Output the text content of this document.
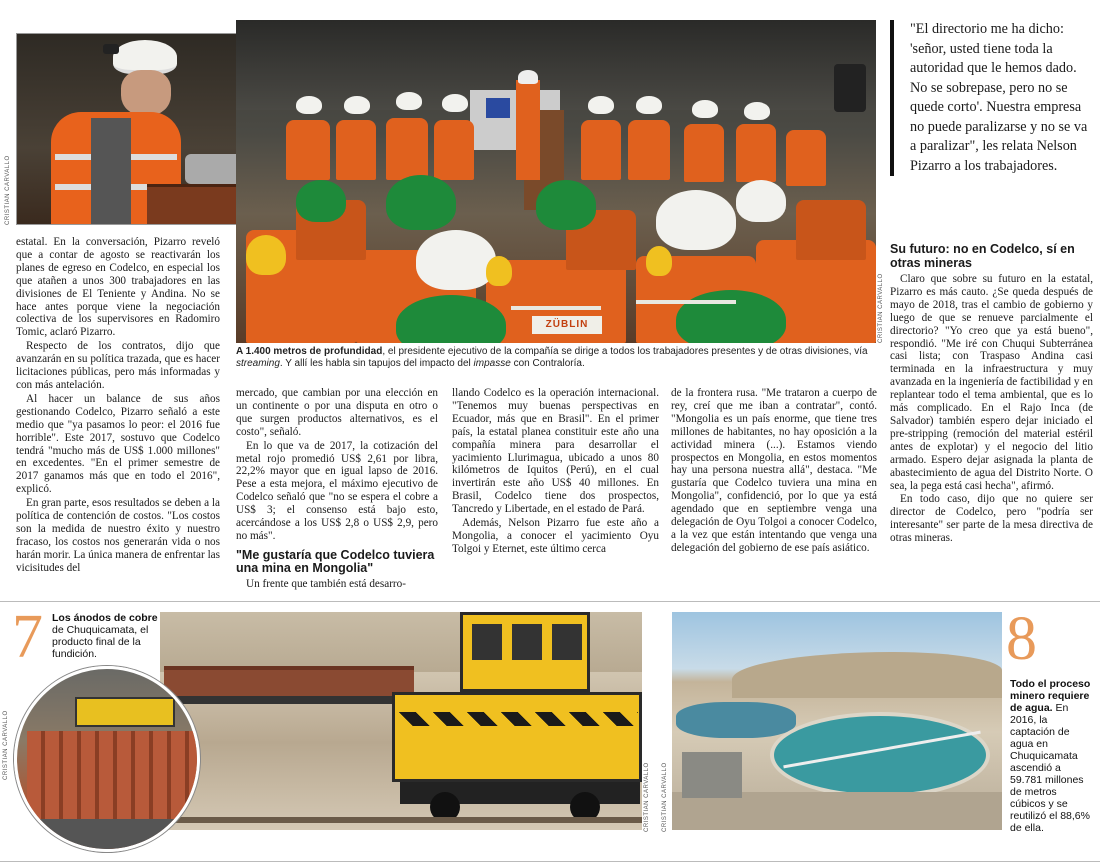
CRISTIAN CARVALLO
ZÜBLIN	CRISTIAN CARVALLO
A 1.400 metros de profundidad, el presidente ejecutivo de la compañía se dirige a todos los trabajadores presentes y de otras divisiones, vía streaming. Y allí les habla sin tapujos del impacto del impasse con Contraloría.

estatal. En la conversación, Pizarro reveló que a contar de agosto se reactivarán los planes de egreso en Codelco, en especial los que atañen a unos 300 trabajadores en las divisiones de El Teniente y Andina. No se hace antes porque viene la negociación colectiva de los supervisores en Radomiro Tomic, aclaró Pizarro.

Respecto de los contratos, dijo que avanzarán en su política trazada, que es hacer licitaciones públicas, pero más informadas y con más antelación.

Al hacer un balance de sus años gestionando Codelco, Pizarro señaló a este medio que "ya pasamos lo peor: el 2016 fue horrible". Este 2017, sostuvo que Codelco tendrá "mucho más de US$ 1.000 millones" en excedentes. "En el primer semestre de 2017 ganamos más que en todo el 2016", explicó.

En gran parte, esos resultados se deben a la política de contención de costos. "Los costos son la medida de nuestro éxito y nuestro fracaso, los costos nos generarán vida o nos harán morir. La única manera de enfrentar las vicisitudes del

mercado, que cambian por una elección en un continente o por una disputa en otro o que surgen productos alternativos, es el costo", señaló.

En lo que va de 2017, la cotización del metal rojo promedió US$ 2,61 por libra, 22,2% mayor que en igual lapso de 2016. Pese a esta mejora, el máximo ejecutivo de Codelco señaló que "no se espera el cobre a US$ 3; el consenso está bajo esto, acercándose a los US$ 2,8 o US$ 2,9, pero no más".

"Me gustaría que Codelco tuviera una mina en Mongolia"

Un frente que también está desarro-

llando Codelco es la operación internacional. "Tenemos muy buenas perspectivas en Ecuador, más que en Brasil". En el primer país, la estatal planea constituir este año una compañía minera para desarrollar el yacimiento Llurimagua, ubicado a unos 80 kilómetros de Iquitos (Perú), en el cual invertirán este año US$ 40 millones. En Brasil, Codelco tiene dos prospectos, Tancredo y Libertade, en el estado de Pará.

Además, Nelson Pizarro fue este año a Mongolia, a conocer el yacimiento Oyu Tolgoi y Eternet, este último cerca

de la frontera rusa. "Me trataron a cuerpo de rey, creí que me iban a contratar", contó. "Mongolia es un país enorme, que tiene tres millones de habitantes, no hay oposición a la actividad minera (...). Estamos viendo prospectos en Mongolia, en estos momentos hay una persona nuestra allá", destaca. "Me gustaría que Codelco tuviera una mina en Mongolia", confidenció, por lo que ya está agendado que en septiembre venga una delegación de Oyu Tolgoi a conocer Codelco, a la vez que están intentando que venga una delegación del gobierno de ese país asiático.

"El directorio me ha dicho: 'señor, usted tiene toda la autoridad que le hemos dado. No se sobrepase, pero no se quede corto'. Nuestra empresa no puede paralizarse y no se va a paralizar", les relata Nelson Pizarro a los trabajadores.
Su futuro: no en Codelco, sí en otras mineras

Claro que sobre su futuro en la estatal, Pizarro es más cauto. ¿Se queda después de mayo de 2018, tras el cambio de gobierno y luego de que se renueve parcialmente el directorio? "Yo creo que ya está bueno", respondió. "Me iré con Chuqui Subterránea casi lista; con Traspaso Andina casi terminada en la infraestructura y muy avanzada en la ingeniería de factibilidad y en replantear todo el tema ambiental, que es lo más complicado. En el Rajo Inca (de Salvador) también espero dejar iniciado el pre-stripping (remoción del material estéril antes de explotar) y el negocio del litio armado. Espero dejar asignada la planta de abastecimiento de agua del Distrito Norte. O sea, la pega está casi hecha", afirmó.

En todo caso, dijo que no quiere ser director de Codelco, pero "podría ser interesante" ser parte de la mesa directiva de otras mineras.

7 Los ánodos de cobre de Chuquicamata, el producto final de la fundición.
CRISTIAN CARVALLO
CRISTIAN CARVALLO
CRISTIAN CARVALLO
8
Todo el proceso minero requiere de agua. En 2016, la captación de agua en Chuquicamata ascendió a 59.781 millones de metros cúbicos y se reutilizó el 88,6% de ella.
